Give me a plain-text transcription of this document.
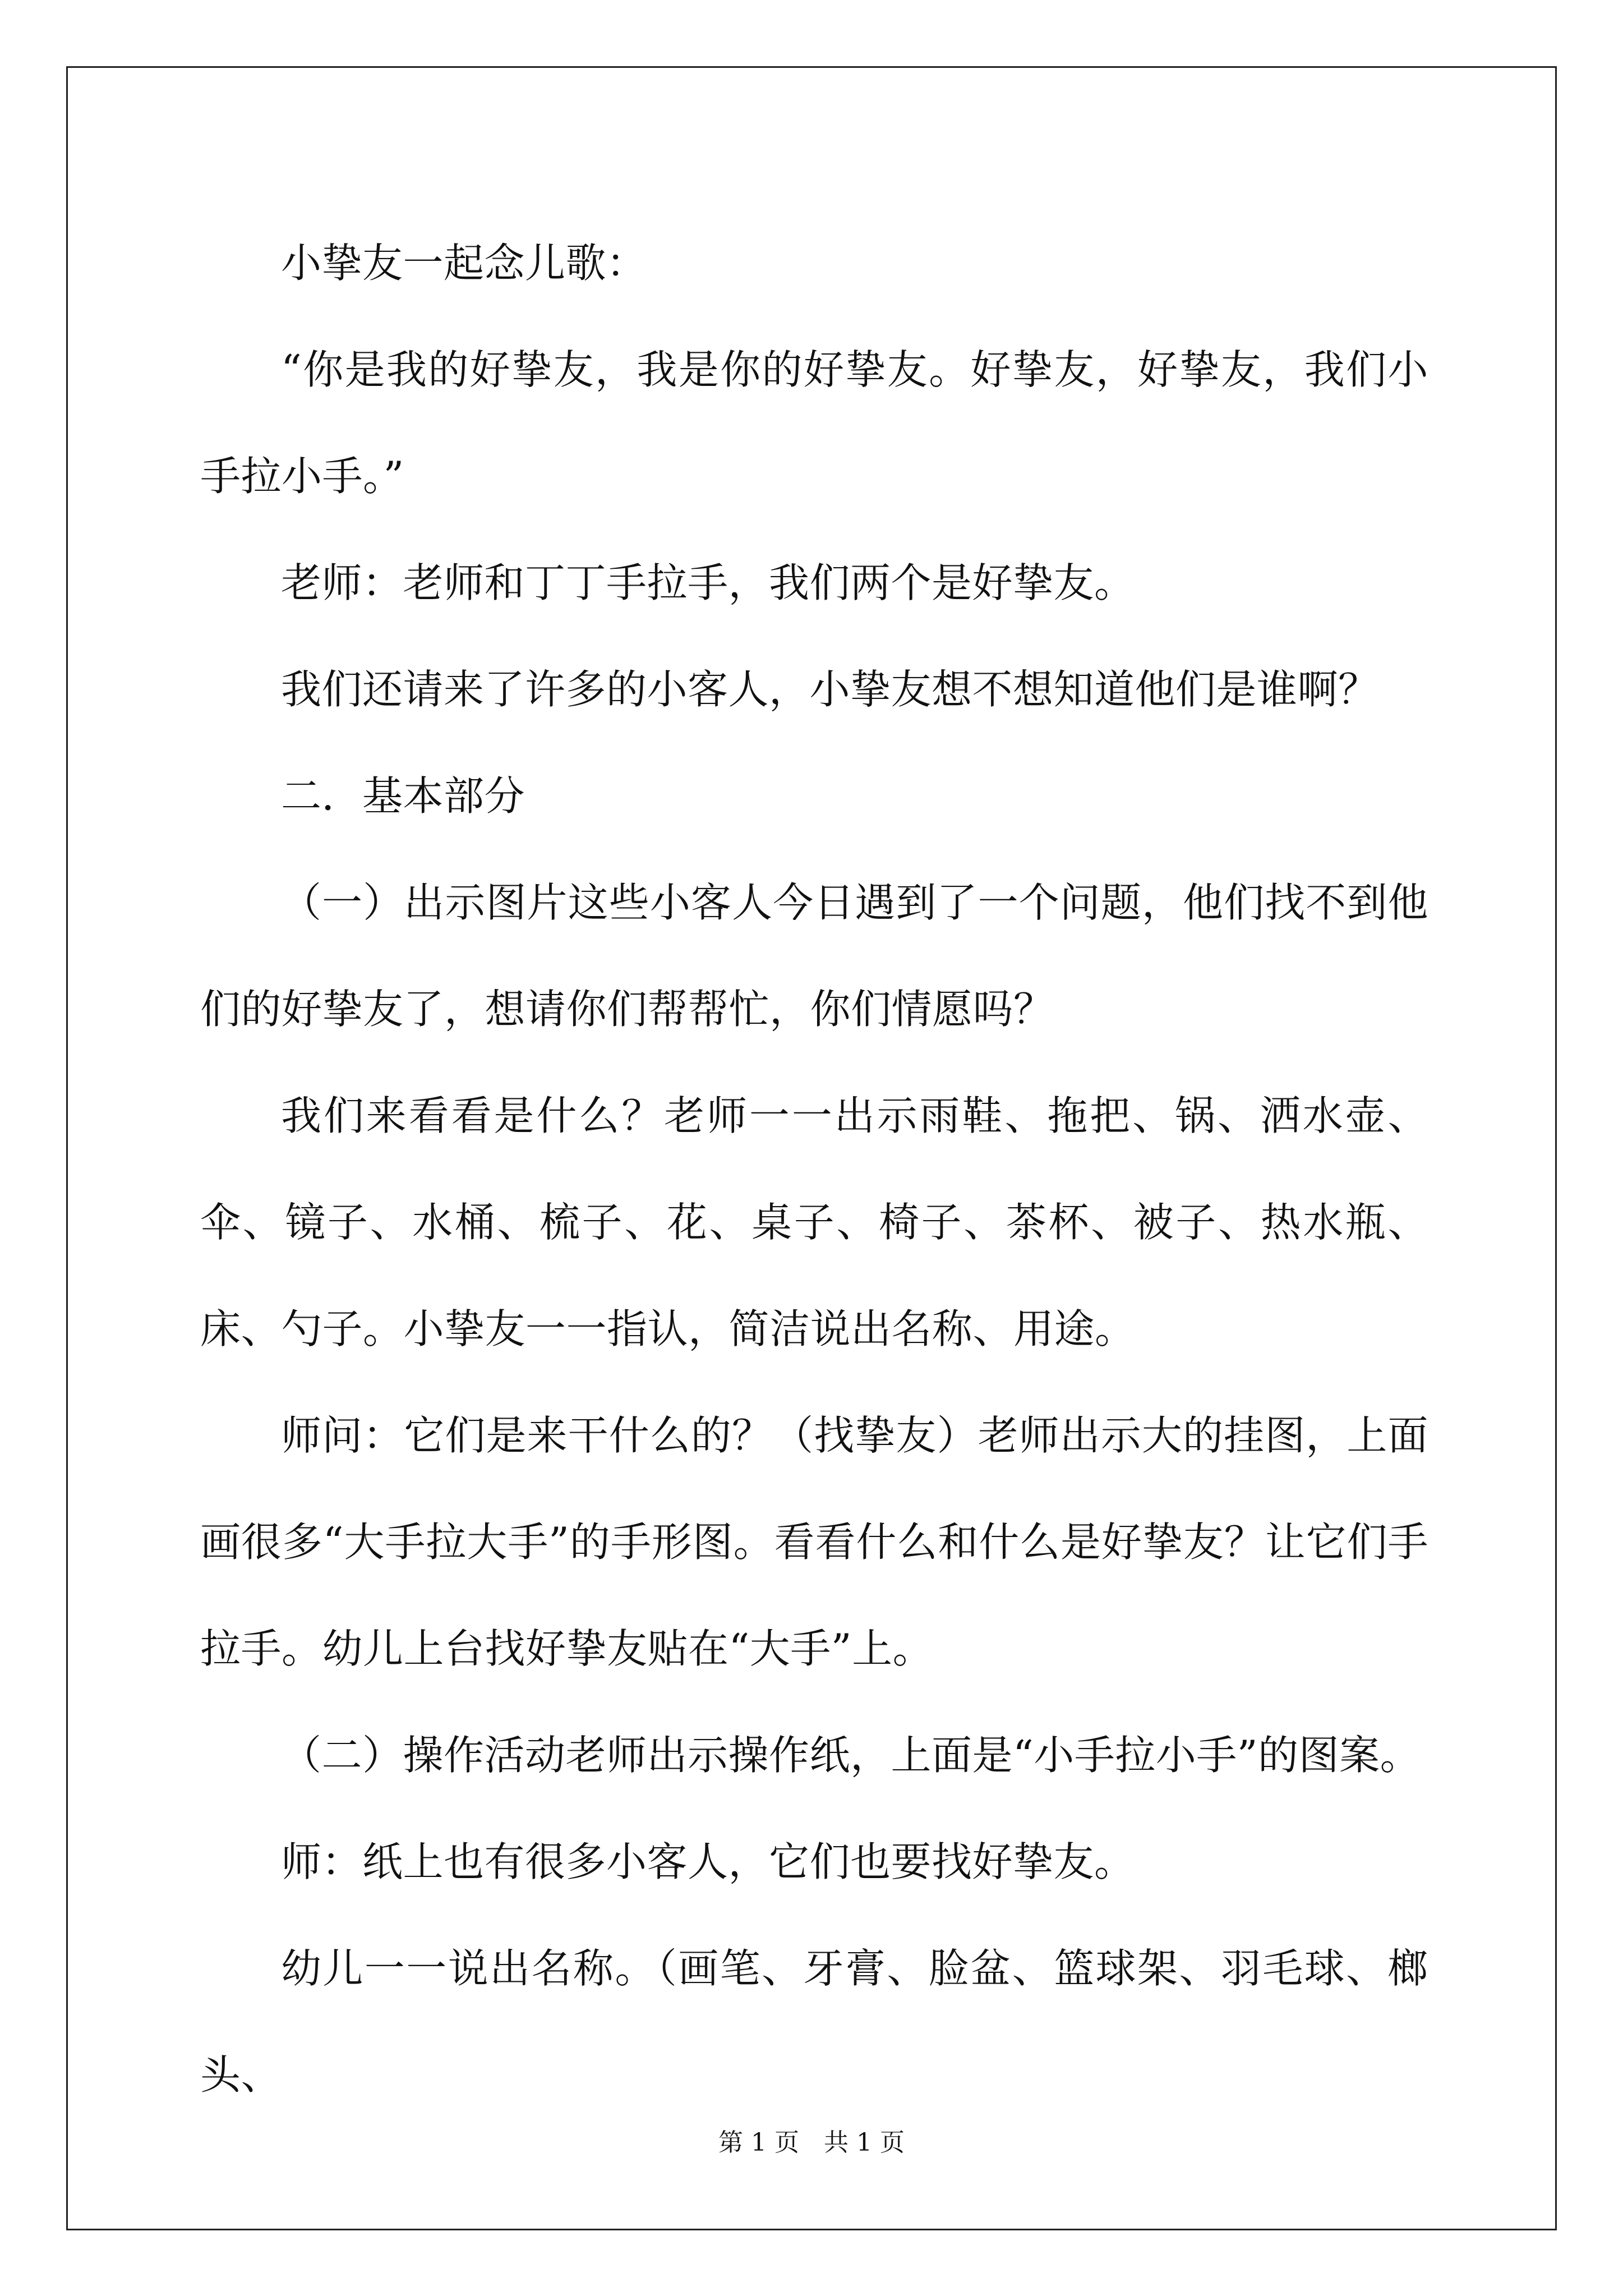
小挚友一起念儿歌：

“你是我的好挚友，我是你的好挚友。好挚友，好挚友，我们小手拉小手。”

老师：老师和丁丁手拉手，我们两个是好挚友。

我们还请来了许多的小客人，小挚友想不想知道他们是谁啊？

二．基本部分

（一）出示图片这些小客人今日遇到了一个问题，他们找不到他们的好挚友了，想请你们帮帮忙，你们情愿吗？

我们来看看是什么？老师一一出示雨鞋、拖把、锅、洒水壶、伞、镜子、水桶、梳子、花、桌子、椅子、茶杯、被子、热水瓶、床、勺子。小挚友一一指认，简洁说出名称、用途。

师问：它们是来干什么的？（找挚友）老师出示大的挂图，上面画很多“大手拉大手”的手形图。看看什么和什么是好挚友？让它们手拉手。幼儿上台找好挚友贴在“大手”上。

（二）操作活动老师出示操作纸，上面是“小手拉小手”的图案。

师：纸上也有很多小客人，它们也要找好挚友。

幼儿一一说出名称。（画笔、牙膏、脸盆、篮球架、羽毛球、榔头、

第 1 页　共 1 页
